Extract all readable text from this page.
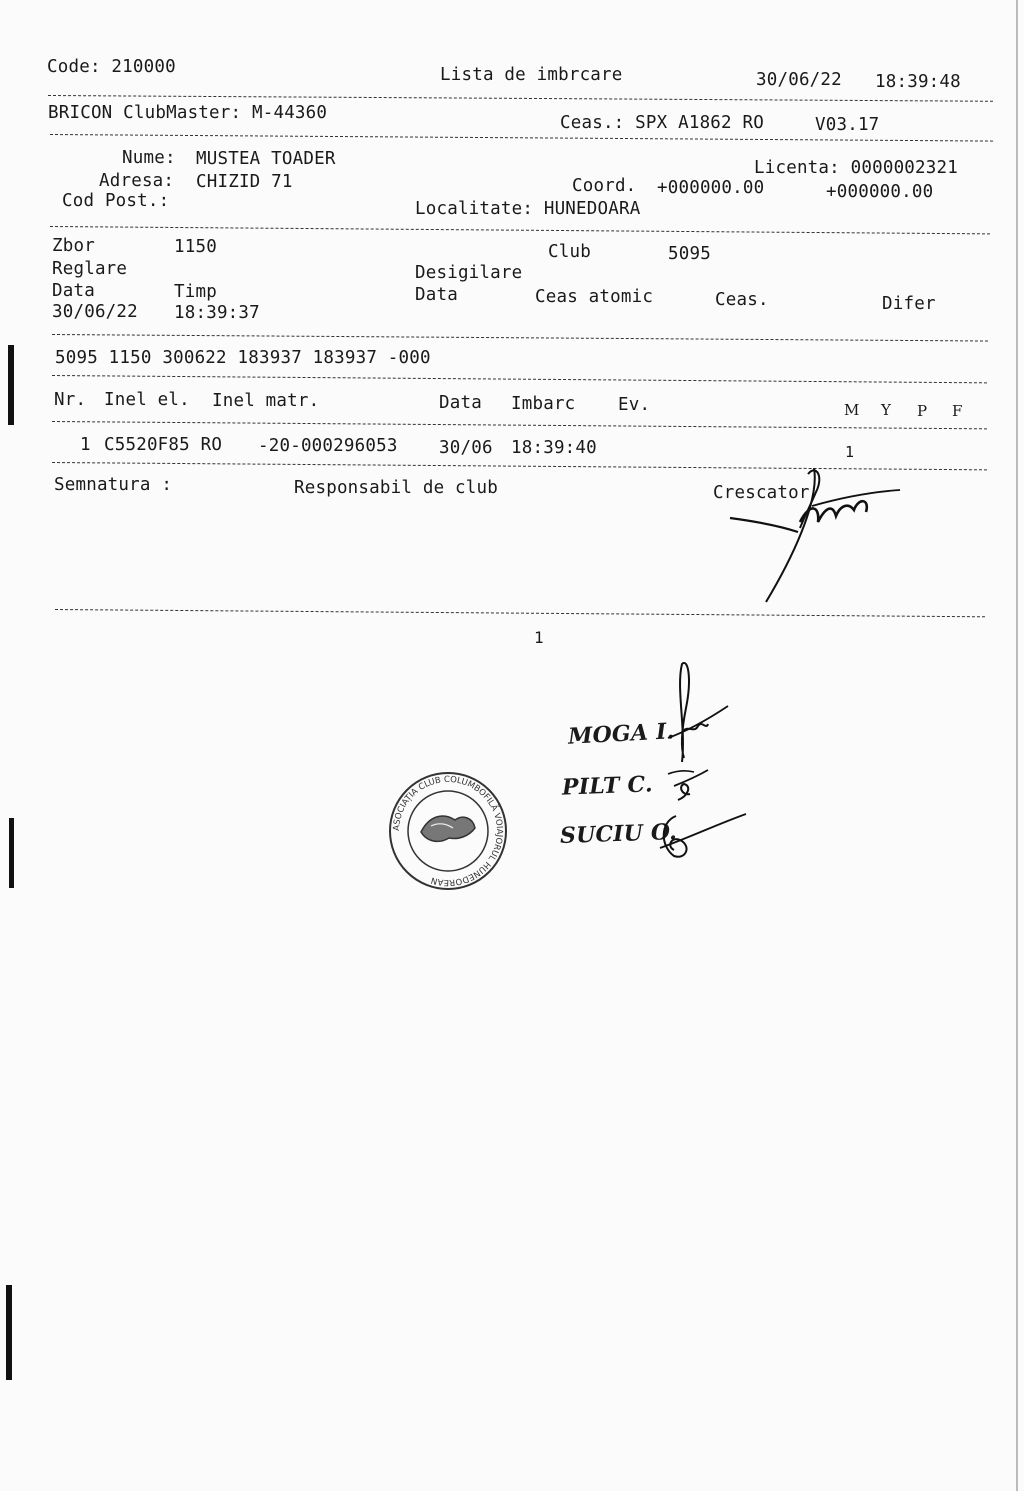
Code: 210000	Lista de imbrcare	30/06/22 18:39:48
BRICON ClubMaster: M-44360	Ceas.: SPX A1862 RO	V03.17
Nume: MUSTEA TOADER
Adresa: CHIZID 71
Cod Post.:
Licenta: 0000002321
Coord. +000000.00	+000000.00
Localitate: HUNEDOARA
Zbor	1150	Club	5095
Reglare	Desigilare
Data	Timp	Data	Ceas atomic	Ceas.	Difer
30/06/22 18:39:37
5095 1150 300622 183937 183937 -000
Nr. Inel el. Inel matr.	Data Imbarc Ev.	M Y P F
1 C5520F85 RO -20-000296053 30/06 18:39:40	1
Semnatura :	Responsabil de club	Crescator
1
MOGA I.
PILT C.
SUCIU O.
ASOCIAȚIA CLUB COLUMBOFILĂ VOIAJORUL HUNEDOREAN
